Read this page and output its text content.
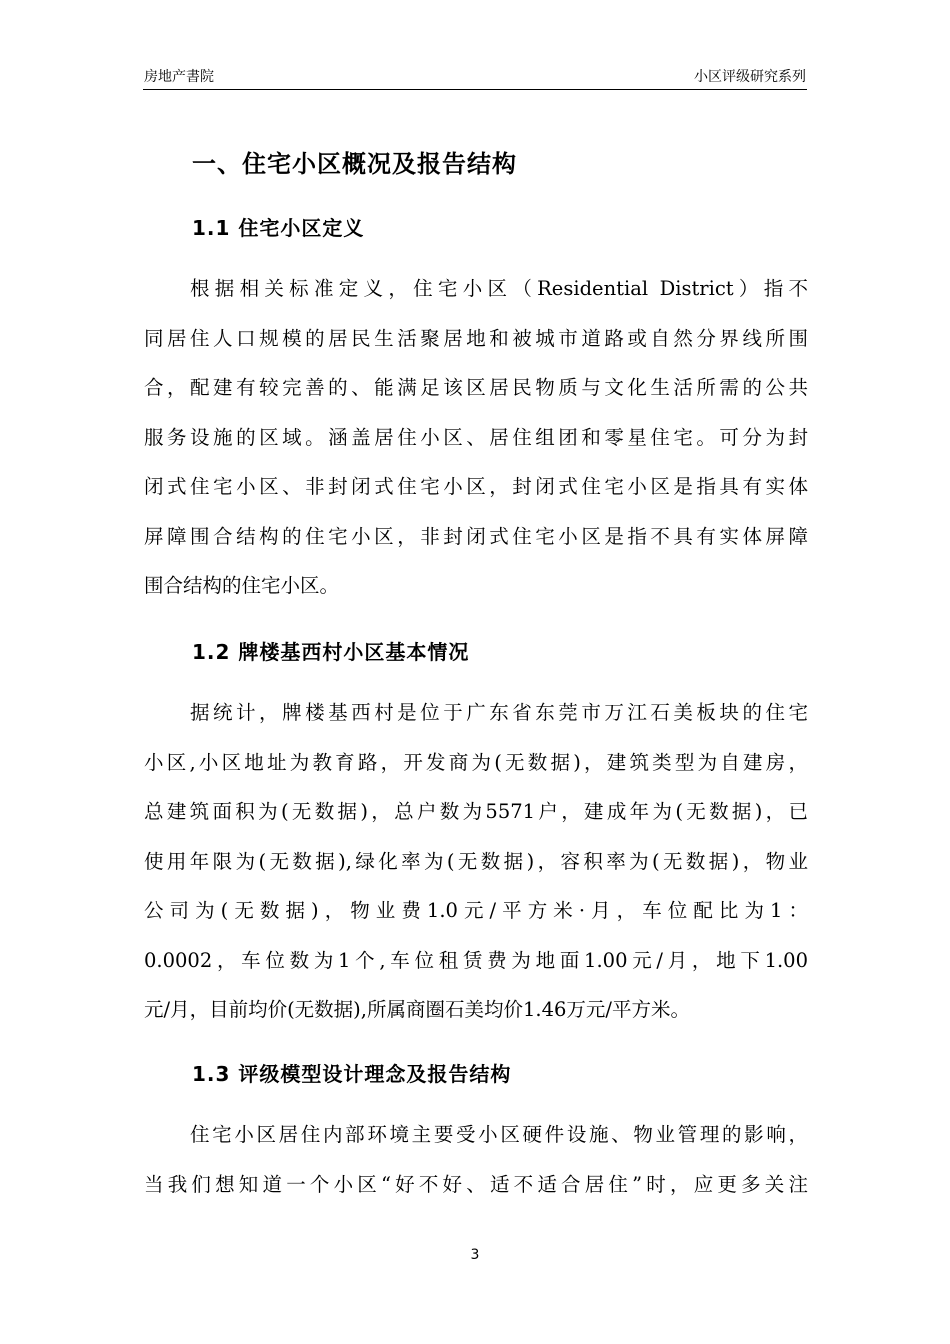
房地产書院	小区评级研究系列
一、住宅小区概况及报告结构
1.1 住宅小区定义
根据相关标准定义，住宅小区（Residential District）指不
同居住人口规模的居民生活聚居地和被城市道路或自然分界线所围
合，配建有较完善的、能满足该区居民物质与文化生活所需的公共
服务设施的区域。涵盖居住小区、居住组团和零星住宅。可分为封
闭式住宅小区、非封闭式住宅小区，封闭式住宅小区是指具有实体
屏障围合结构的住宅小区，非封闭式住宅小区是指不具有实体屏障
围合结构的住宅小区。
1.2 牌楼基西村小区基本情况
据统计，牌楼基西村是位于广东省东莞市万江石美板块的住宅
小区,小区地址为教育路，开发商为(无数据)，建筑类型为自建房，
总建筑面积为(无数据)，总户数为5571户，建成年为(无数据)，已
使用年限为(无数据),绿化率为(无数据)，容积率为(无数据)，物业
公司为(无数据)，物业费1.0元/平方米·月，车位配比为1：
0.0002，车位数为1个,车位租赁费为地面1.00元/月，地下1.00
元/月，目前均价(无数据),所属商圈石美均价1.46万元/平方米。
1.3 评级模型设计理念及报告结构
住宅小区居住内部环境主要受小区硬件设施、物业管理的影响，
当我们想知道一个小区“好不好、适不适合居住”时，应更多关注
3
